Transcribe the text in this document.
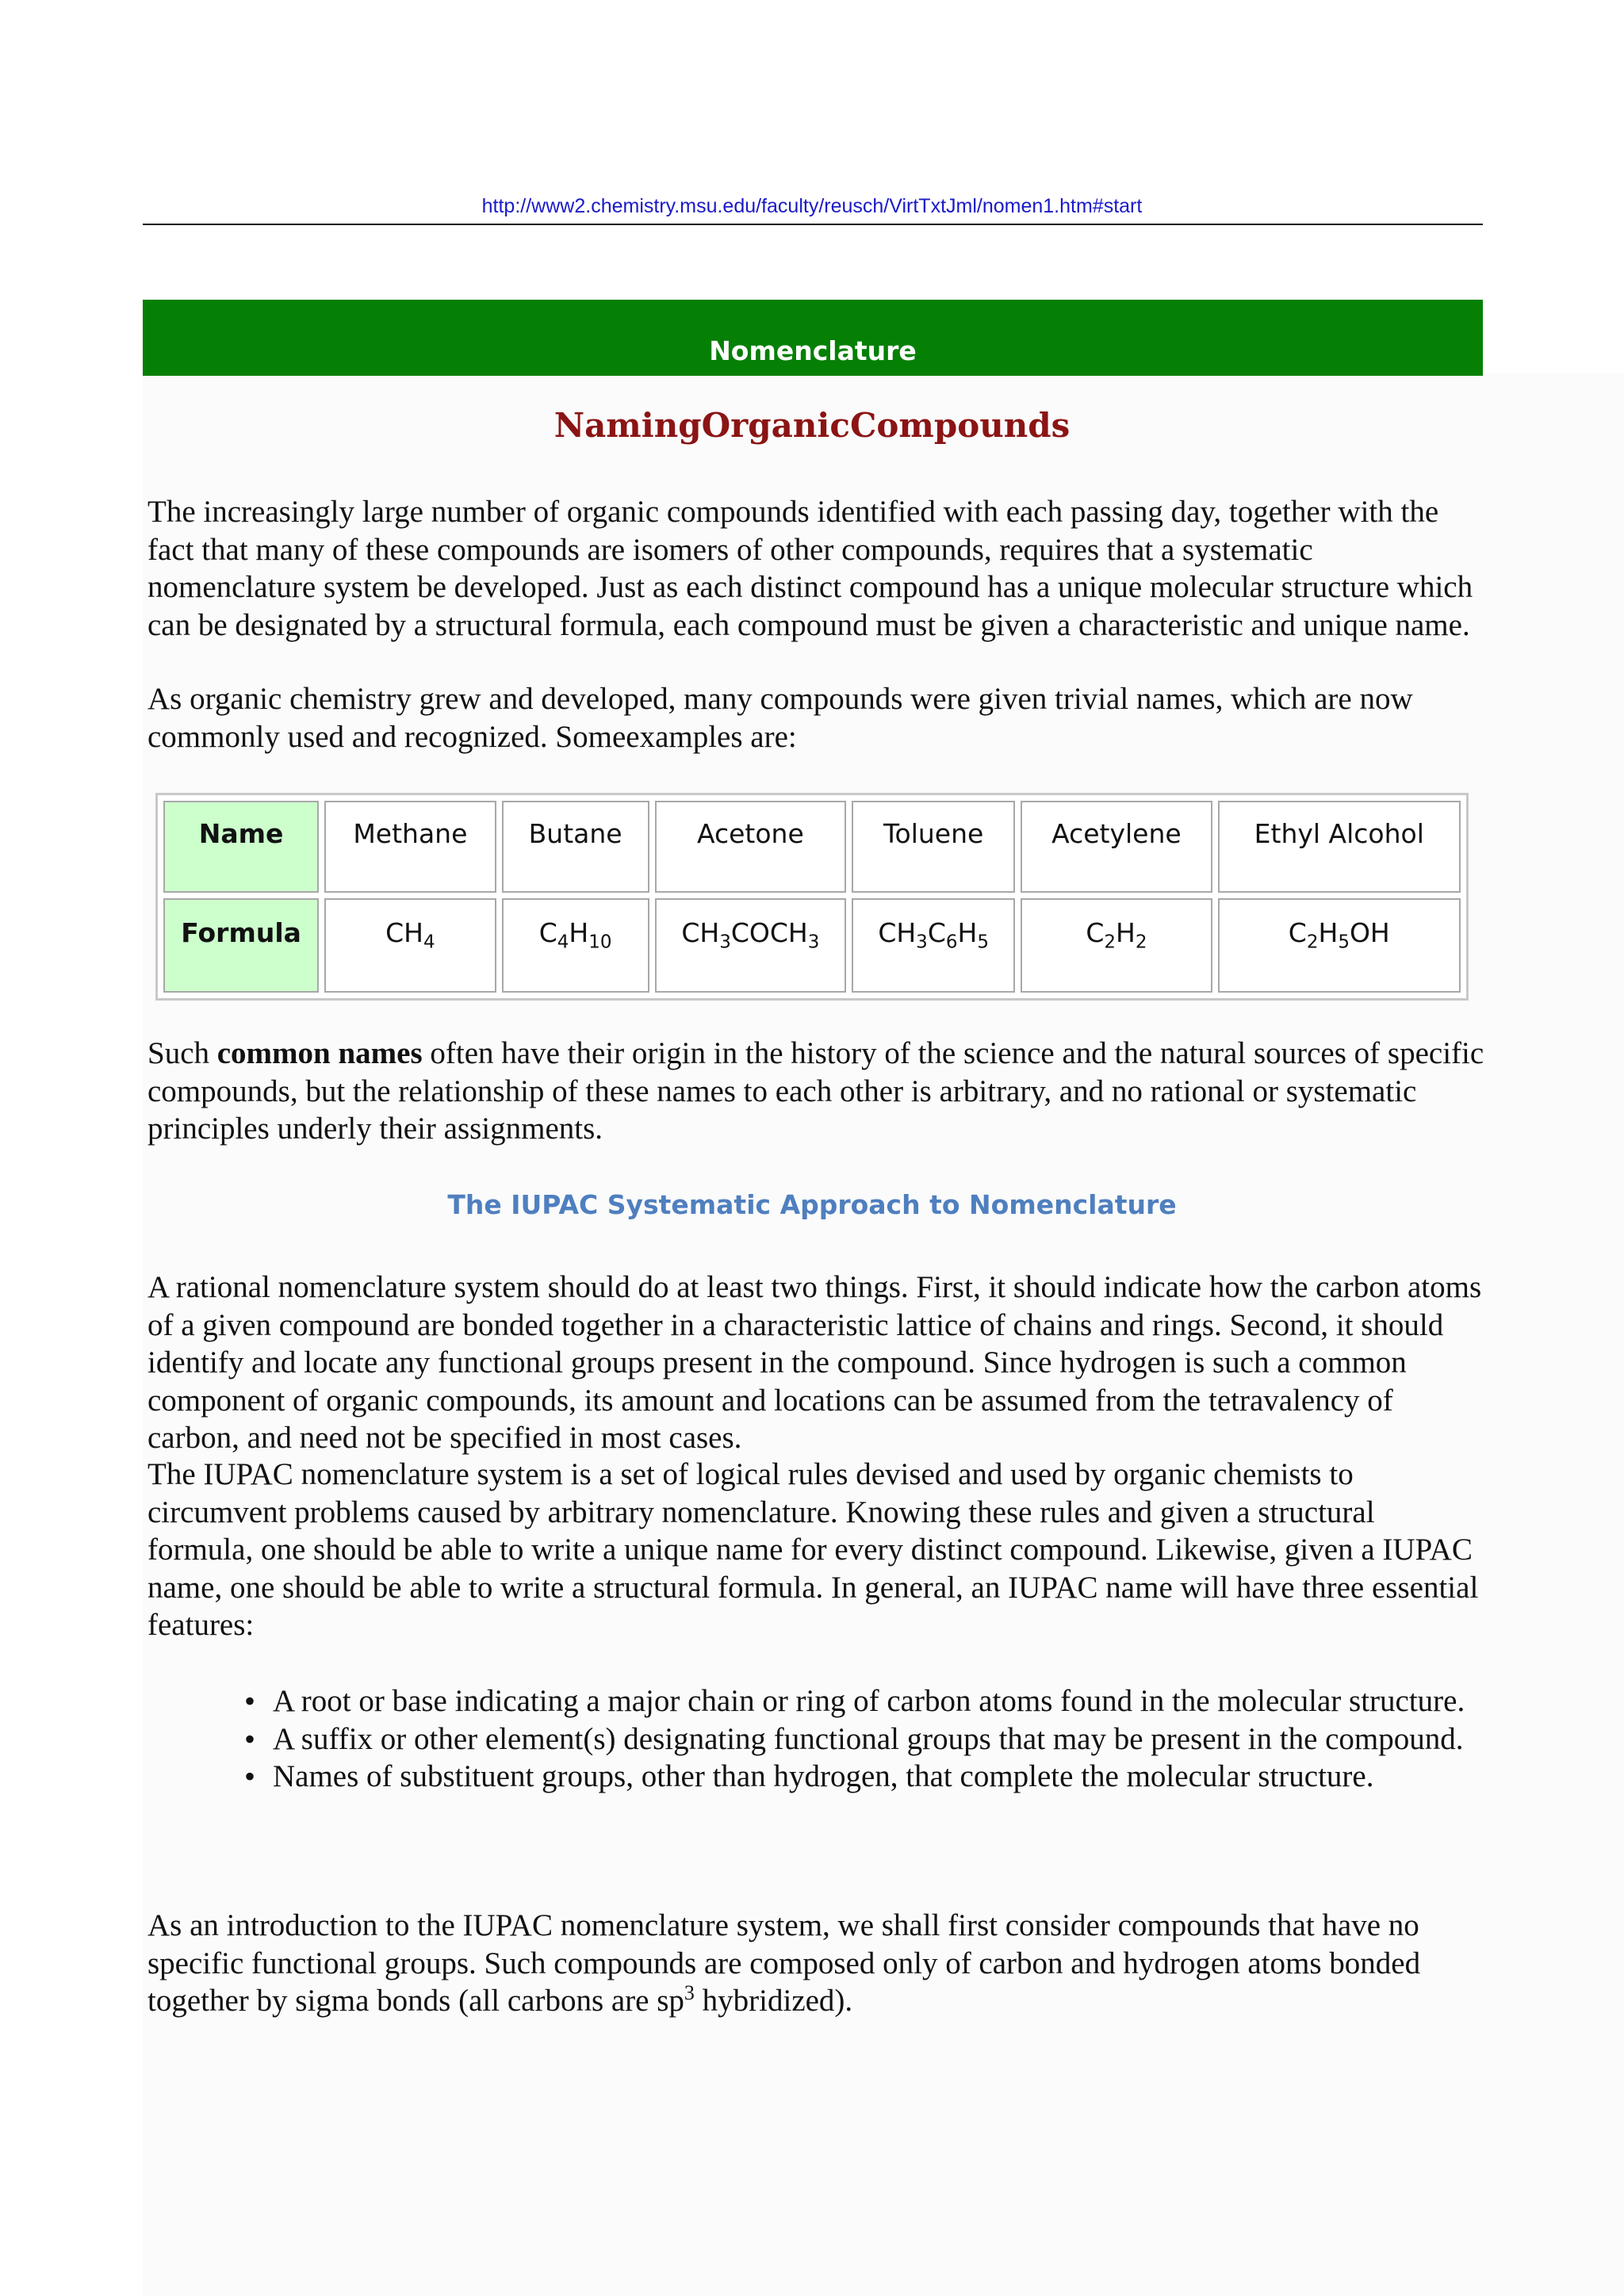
http://www2.chemistry.msu.edu/faculty/reusch/VirtTxtJml/nomen1.htm#start
Nomenclature
NamingOrganicCompounds

The increasingly large number of organic compounds identified with each passing day, together with the fact that many of these compounds are isomers of other compounds, requires that a systematic nomenclature system be developed. Just as each distinct compound has a unique molecular structure which can be designated by a structural formula, each compound must be given a characteristic and unique name.

As organic chemistry grew and developed, many compounds were given trivial names, which are now commonly used and recognized. Someexamples are:

Name	Methane	Butane	Acetone	Toluene	Acetylene	Ethyl Alcohol
Formula	$CH_4$	$C_4H_{10}$	$CH_3COCH_3$	$CH_3C_6H_5$	$C_2H_2$	$C_2H_5OH$

Such common names often have their origin in the history of the science and the natural sources of specific compounds, but the relationship of these names to each other is arbitrary, and no rational or systematic principles underly their assignments.

The IUPAC Systematic Approach to Nomenclature

A rational nomenclature system should do at least two things. First, it should indicate how the carbon atoms of a given compound are bonded together in a characteristic lattice of chains and rings. Second, it should identify and locate any functional groups present in the compound. Since hydrogen is such a common component of organic compounds, its amount and locations can be assumed from the tetravalency of carbon, and need not be specified in most cases.

The IUPAC nomenclature system is a set of logical rules devised and used by organic chemists to circumvent problems caused by arbitrary nomenclature. Knowing these rules and given a structural formula, one should be able to write a unique name for every distinct compound. Likewise, given a IUPAC name, one should be able to write a structural formula. In general, an IUPAC name will have three essential features:

• A root or base indicating a major chain or ring of carbon atoms found in the molecular structure.
• A suffix or other element(s) designating functional groups that may be present in the compound.
• Names of substituent groups, other than hydrogen, that complete the molecular structure.

As an introduction to the IUPAC nomenclature system, we shall first consider compounds that have no specific functional groups. Such compounds are composed only of carbon and hydrogen atoms bonded together by sigma bonds (all carbons are $sp^3$ hybridized).
